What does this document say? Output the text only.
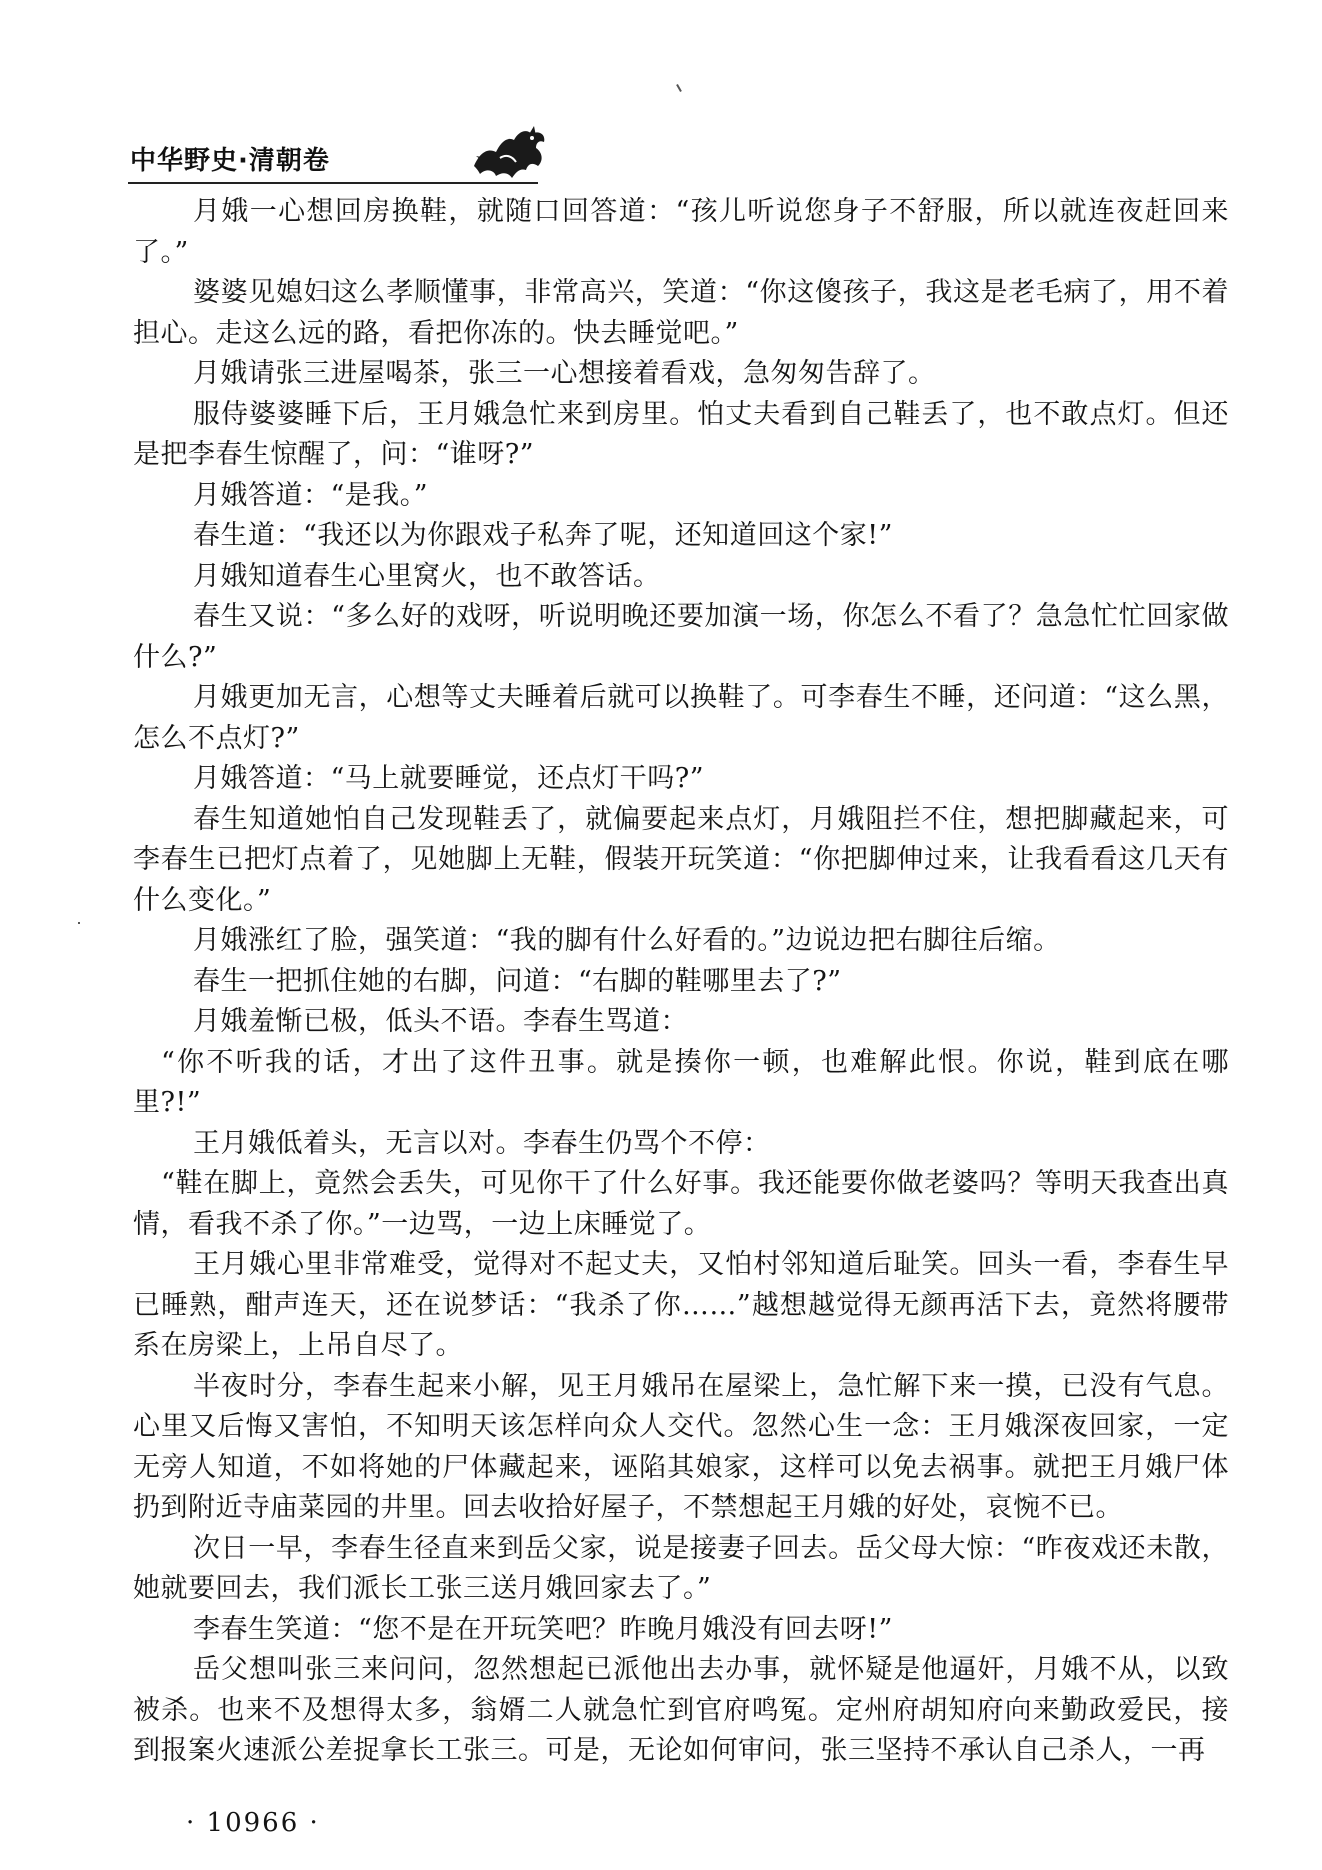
中华野史·清朝卷

月娥一心想回房换鞋，就随口回答道：“孩儿听说您身子不舒服，所以就连夜赶回来了。”

婆婆见媳妇这么孝顺懂事，非常高兴，笑道：“你这傻孩子，我这是老毛病了，用不着担心。走这么远的路，看把你冻的。快去睡觉吧。”

月娥请张三进屋喝茶，张三一心想接着看戏，急匆匆告辞了。

服侍婆婆睡下后，王月娥急忙来到房里。怕丈夫看到自己鞋丢了，也不敢点灯。但还是把李春生惊醒了，问：“谁呀?”

月娥答道：“是我。”

春生道：“我还以为你跟戏子私奔了呢，还知道回这个家!”

月娥知道春生心里窝火，也不敢答话。

春生又说：“多么好的戏呀，听说明晚还要加演一场，你怎么不看了？急急忙忙回家做什么?”

月娥更加无言，心想等丈夫睡着后就可以换鞋了。可李春生不睡，还问道：“这么黑，怎么不点灯?”

月娥答道：“马上就要睡觉，还点灯干吗?”

春生知道她怕自己发现鞋丢了，就偏要起来点灯，月娥阻拦不住，想把脚藏起来，可李春生已把灯点着了，见她脚上无鞋，假装开玩笑道：“你把脚伸过来，让我看看这几天有什么变化。”

月娥涨红了脸，强笑道：“我的脚有什么好看的。”边说边把右脚往后缩。

春生一把抓住她的右脚，问道：“右脚的鞋哪里去了?”

月娥羞惭已极，低头不语。李春生骂道：

“你不听我的话，才出了这件丑事。就是揍你一顿，也难解此恨。你说，鞋到底在哪里?!”

王月娥低着头，无言以对。李春生仍骂个不停：

“鞋在脚上，竟然会丢失，可见你干了什么好事。我还能要你做老婆吗？等明天我查出真情，看我不杀了你。”一边骂，一边上床睡觉了。

王月娥心里非常难受，觉得对不起丈夫，又怕村邻知道后耻笑。回头一看，李春生早已睡熟，酣声连天，还在说梦话：“我杀了你……”越想越觉得无颜再活下去，竟然将腰带系在房梁上，上吊自尽了。

半夜时分，李春生起来小解，见王月娥吊在屋梁上，急忙解下来一摸，已没有气息。心里又后悔又害怕，不知明天该怎样向众人交代。忽然心生一念：王月娥深夜回家，一定无旁人知道，不如将她的尸体藏起来，诬陷其娘家，这样可以免去祸事。就把王月娥尸体扔到附近寺庙菜园的井里。回去收拾好屋子，不禁想起王月娥的好处，哀惋不已。

次日一早，李春生径直来到岳父家，说是接妻子回去。岳父母大惊：“昨夜戏还未散，她就要回去，我们派长工张三送月娥回家去了。”

李春生笑道：“您不是在开玩笑吧？昨晚月娥没有回去呀!”

岳父想叫张三来问问，忽然想起已派他出去办事，就怀疑是他逼奸，月娥不从，以致被杀。也来不及想得太多，翁婿二人就急忙到官府鸣冤。定州府胡知府向来勤政爱民，接到报案火速派公差捉拿长工张三。可是，无论如何审问，张三坚持不承认自己杀人，一再

· 10966 ·
